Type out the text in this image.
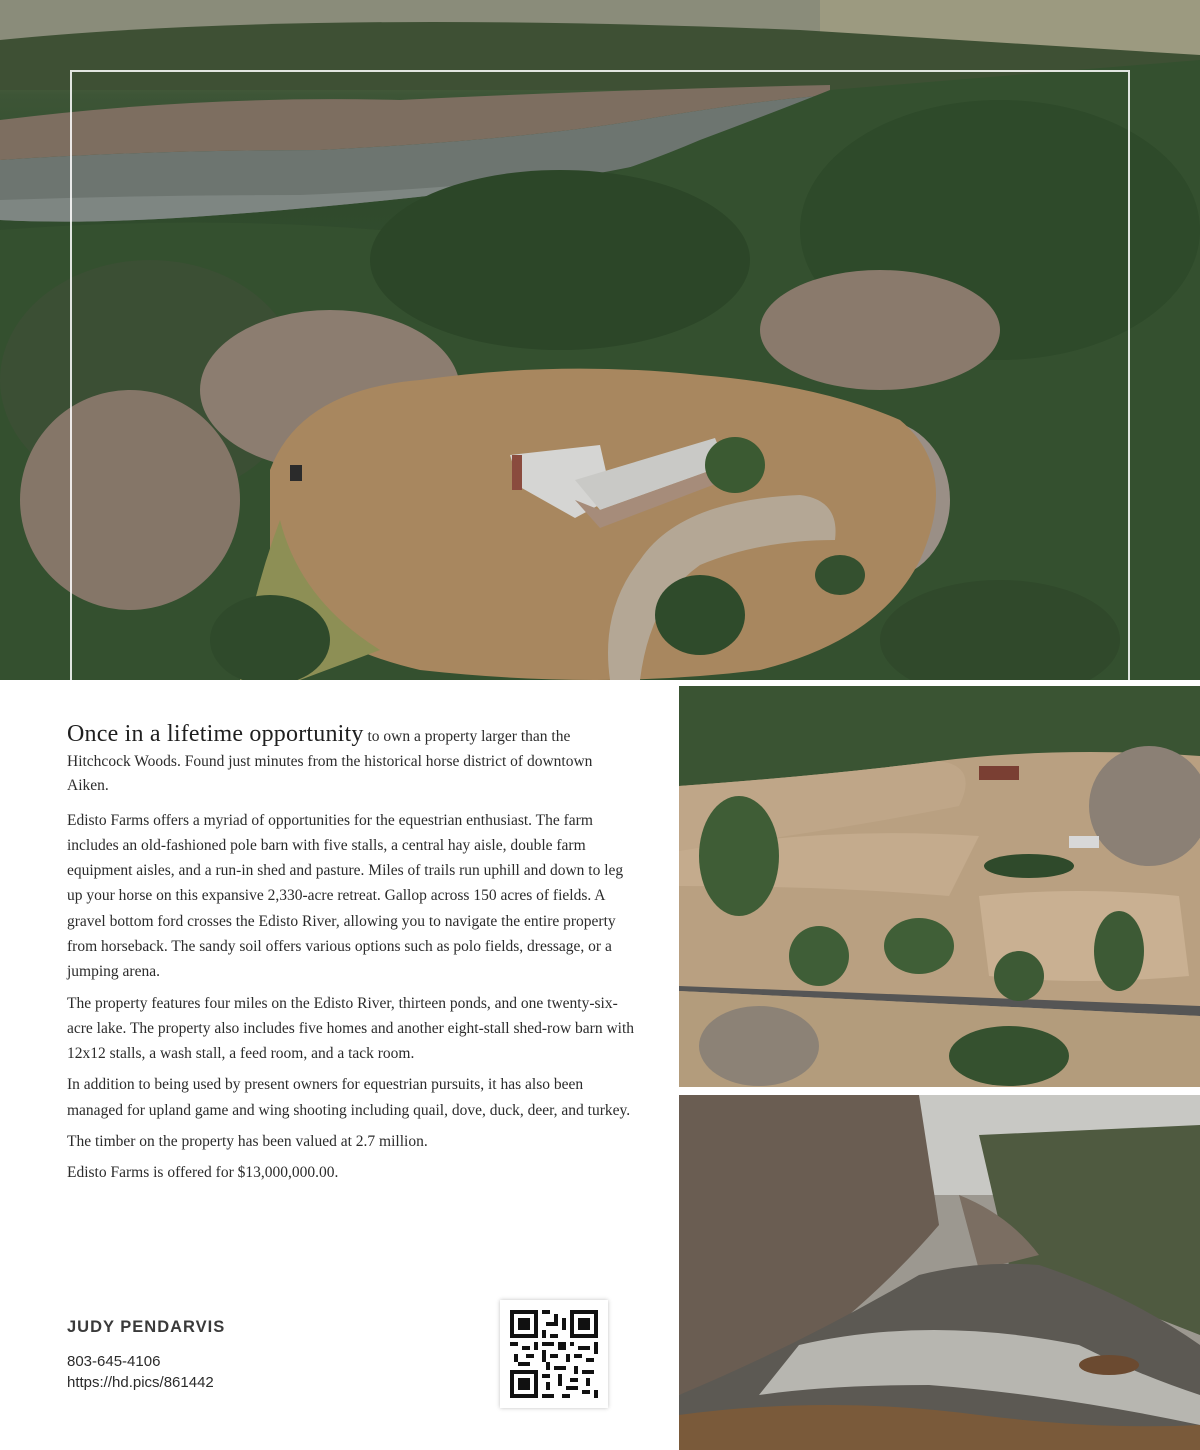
Once in a lifetime opportunity to own a property larger than the Hitchcock Woods. Found just minutes from the historical horse district of downtown Aiken.

Edisto Farms offers a myriad of opportunities for the equestrian enthusiast. The farm includes an old-fashioned pole barn with five stalls, a central hay aisle, double farm equipment aisles, and a run-in shed and pasture. Miles of trails run uphill and down to leg up your horse on this expansive 2,330-acre retreat. Gallop across 150 acres of fields. A gravel bottom ford crosses the Edisto River, allowing you to navigate the entire property from horseback. The sandy soil offers various options such as polo fields, dressage, or a jumping arena.

The property features four miles on the Edisto River, thirteen ponds, and one twenty-six-acre lake. The property also includes five homes and another eight-stall shed-row barn with 12x12 stalls, a wash stall, a feed room, and a tack room.

In addition to being used by present owners for equestrian pursuits, it has also been managed for upland game and wing shooting including quail, dove, duck, deer, and turkey.

The timber on the property has been valued at 2.7 million.

Edisto Farms is offered for $13,000,000.00.

JUDY PENDARVIS
803-645-4106
https://hd.pics/861442
